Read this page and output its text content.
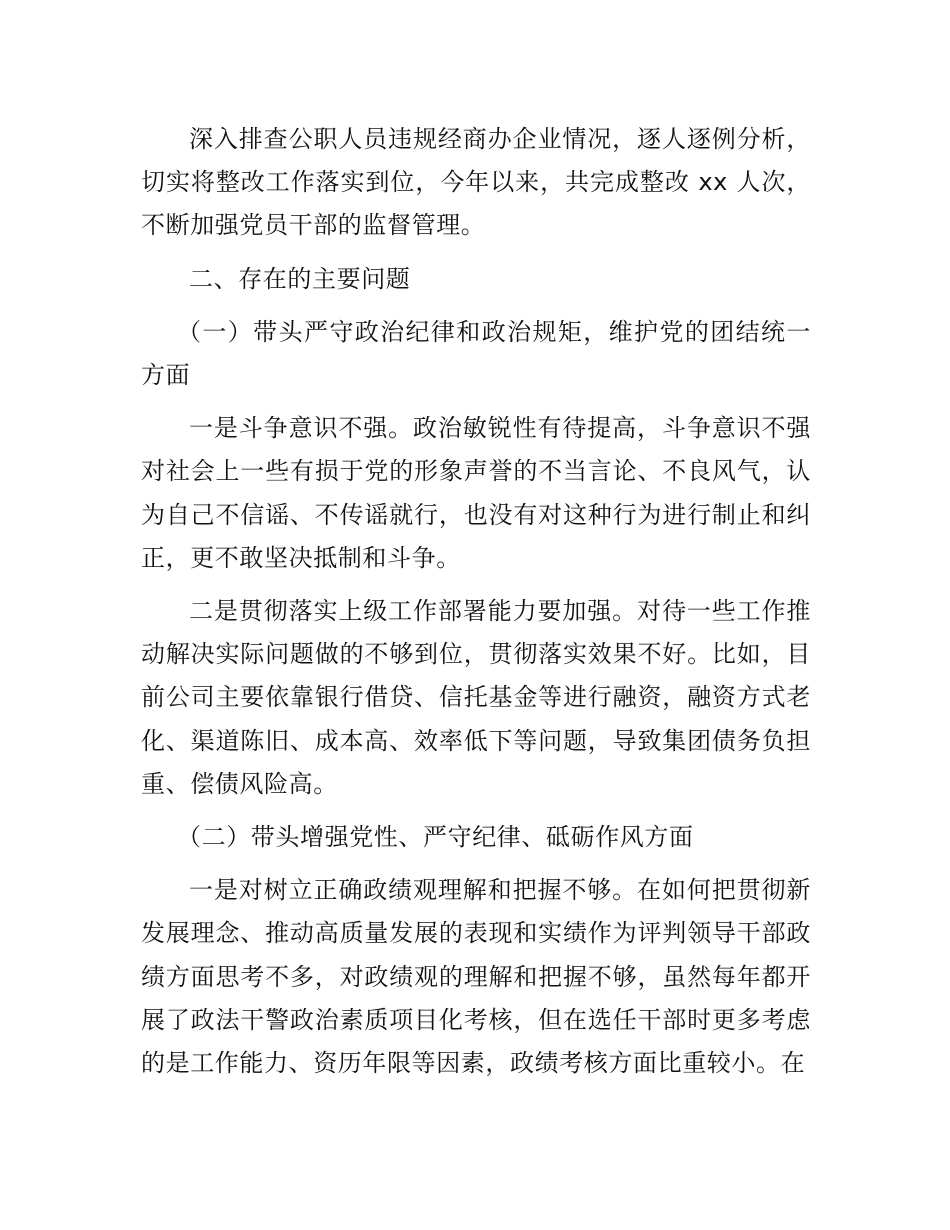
深入排查公职人员违规经商办企业情况，逐人逐例分析，切实将整改工作落实到位，今年以来，共完成整改 xx 人次，不断加强党员干部的监督管理。

二、存在的主要问题

（一）带头严守政治纪律和政治规矩，维护党的团结统一方面

一是斗争意识不强。政治敏锐性有待提高，斗争意识不强对社会上一些有损于党的形象声誉的不当言论、不良风气，认为自己不信谣、不传谣就行，也没有对这种行为进行制止和纠正，更不敢坚决抵制和斗争。

二是贯彻落实上级工作部署能力要加强。对待一些工作推动解决实际问题做的不够到位，贯彻落实效果不好。比如，目前公司主要依靠银行借贷、信托基金等进行融资，融资方式老化、渠道陈旧、成本高、效率低下等问题，导致集团债务负担重、偿债风险高。

（二）带头增强党性、严守纪律、砥砺作风方面

一是对树立正确政绩观理解和把握不够。在如何把贯彻新发展理念、推动高质量发展的表现和实绩作为评判领导干部政绩方面思考不多，对政绩观的理解和把握不够，虽然每年都开展了政法干警政治素质项目化考核，但在选任干部时更多考虑的是工作能力、资历年限等因素，政绩考核方面比重较小。在
